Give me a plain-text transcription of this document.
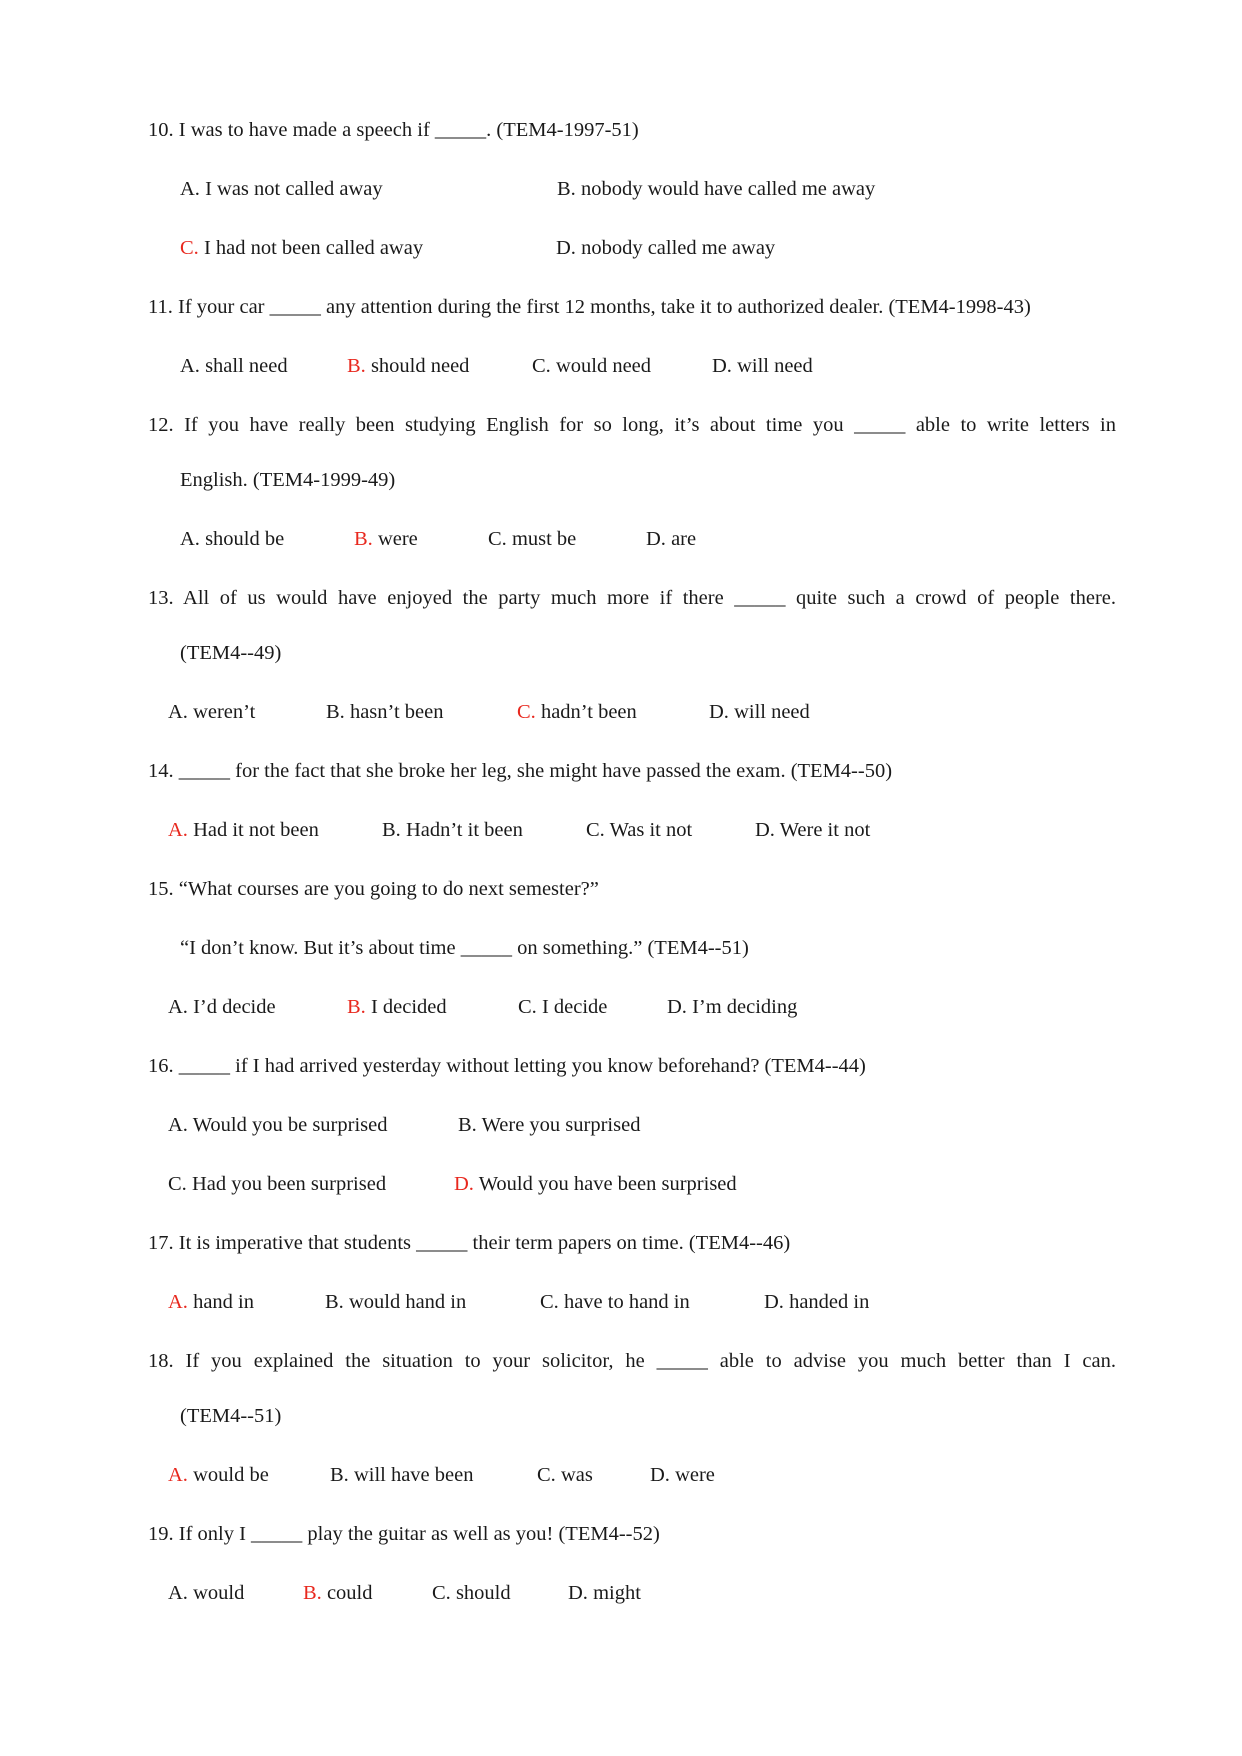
10. I was to have made a speech if _____. (TEM4-1997-51)
A. I was not called away	B. nobody would have called me away
C. I had not been called away	D. nobody called me away
11. If your car _____ any attention during the first 12 months, take it to authorized dealer. (TEM4-1998-43)
A. shall need	B. should need	C. would need	D. will need
12. If you have really been studying English for so long, it’s about time you _____ able to write letters in
English. (TEM4-1999-49)
A. should be	B. were	C. must be	D. are
13. All of us would have enjoyed the party much more if there _____ quite such a crowd of people there.
(TEM4--49)
A. weren’t	B. hasn’t been	C. hadn’t been	D. will need
14. _____ for the fact that she broke her leg, she might have passed the exam. (TEM4--50)
A. Had it not been	B. Hadn’t it been	C. Was it not	D. Were it not
15. “What courses are you going to do next semester?”
“I don’t know. But it’s about time _____ on something.” (TEM4--51)
A. I’d decide	B. I decided	C. I decide	D. I’m deciding
16. _____ if I had arrived yesterday without letting you know beforehand? (TEM4--44)
A. Would you be surprised	B. Were you surprised
C. Had you been surprised	D. Would you have been surprised
17. It is imperative that students _____ their term papers on time. (TEM4--46)
A. hand in	B. would hand in	C. have to hand in	D. handed in
18. If you explained the situation to your solicitor, he _____ able to advise you much better than I can.
(TEM4--51)
A. would be	B. will have been	C. was	D. were
19. If only I _____ play the guitar as well as you! (TEM4--52)
A. would	B. could	C. should	D. might
